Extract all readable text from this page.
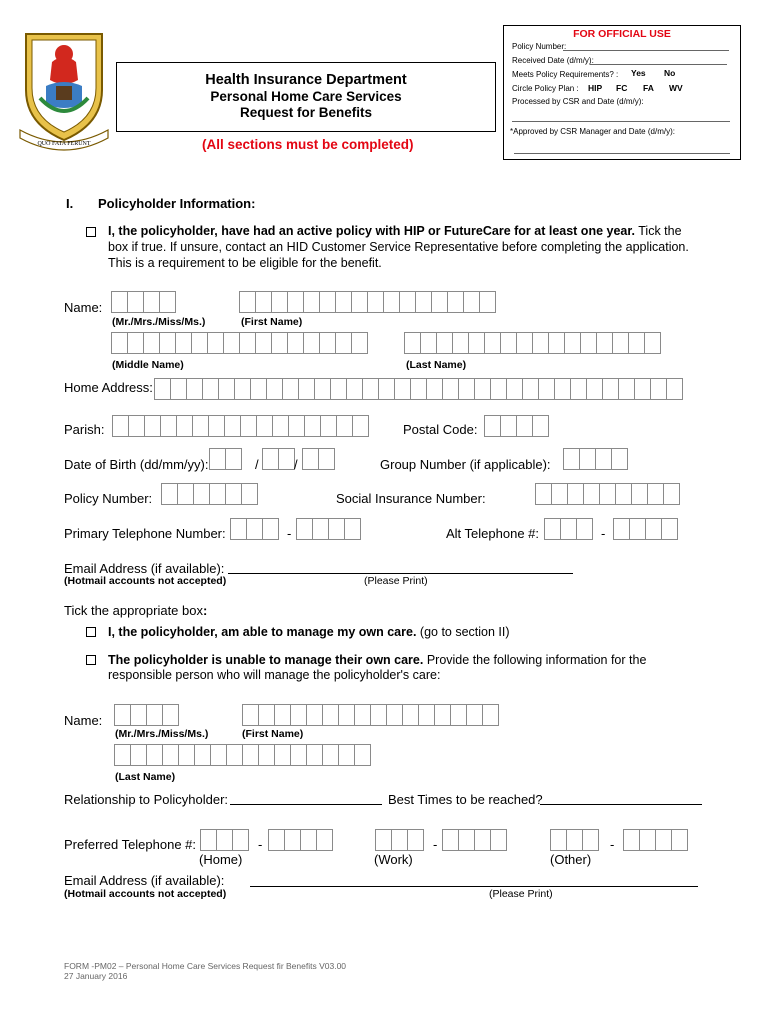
QUO FATA FERUNT
Health Insurance Department
Personal Home Care Services
Request for Benefits
(All sections must be completed)
FOR OFFICIAL USE
Policy Number:
Received Date (d/m/y):
Meets Policy Requirements? : Yes No
Circle Policy Plan : HIP FC FA WV
Processed by CSR and Date (d/m/y):
*Approved by CSR Manager and Date (d/m/y):
I. Policyholder Information:
I, the policyholder, have had an active policy with HIP or FutureCare for at least one year. Tick the
box if true. If unsure, contact an HID Customer Service Representative before completing the application.
This is a requirement to be eligible for the benefit.
Name:
(Mr./Mrs./Miss/Ms.)	(First Name)
(Middle Name)	(Last Name)
Home Address:
Parish:	Postal Code:
Date of Birth (dd/mm/yy):	/	/	Group Number (if applicable):
Policy Number:	Social Insurance Number:
Primary Telephone Number:	-	Alt Telephone #:	-
Email Address (if available):
(Hotmail accounts not accepted)	(Please Print)
Tick the appropriate box:
I, the policyholder, am able to manage my own care. (go to section II)
The policyholder is unable to manage their own care. Provide the following information for the
responsible person who will manage the policyholder's care:
Name:
(Mr./Mrs./Miss/Ms.)	(First Name)
(Last Name)
Relationship to Policyholder:	Best Times to be reached?
Preferred Telephone #:	-	-	-
(Home)	(Work)	(Other)
Email Address (if available):
(Hotmail accounts not accepted)	(Please Print)
FORM -PM02 – Personal Home Care Services Request fir Benefits V03.00
27 January 2016
